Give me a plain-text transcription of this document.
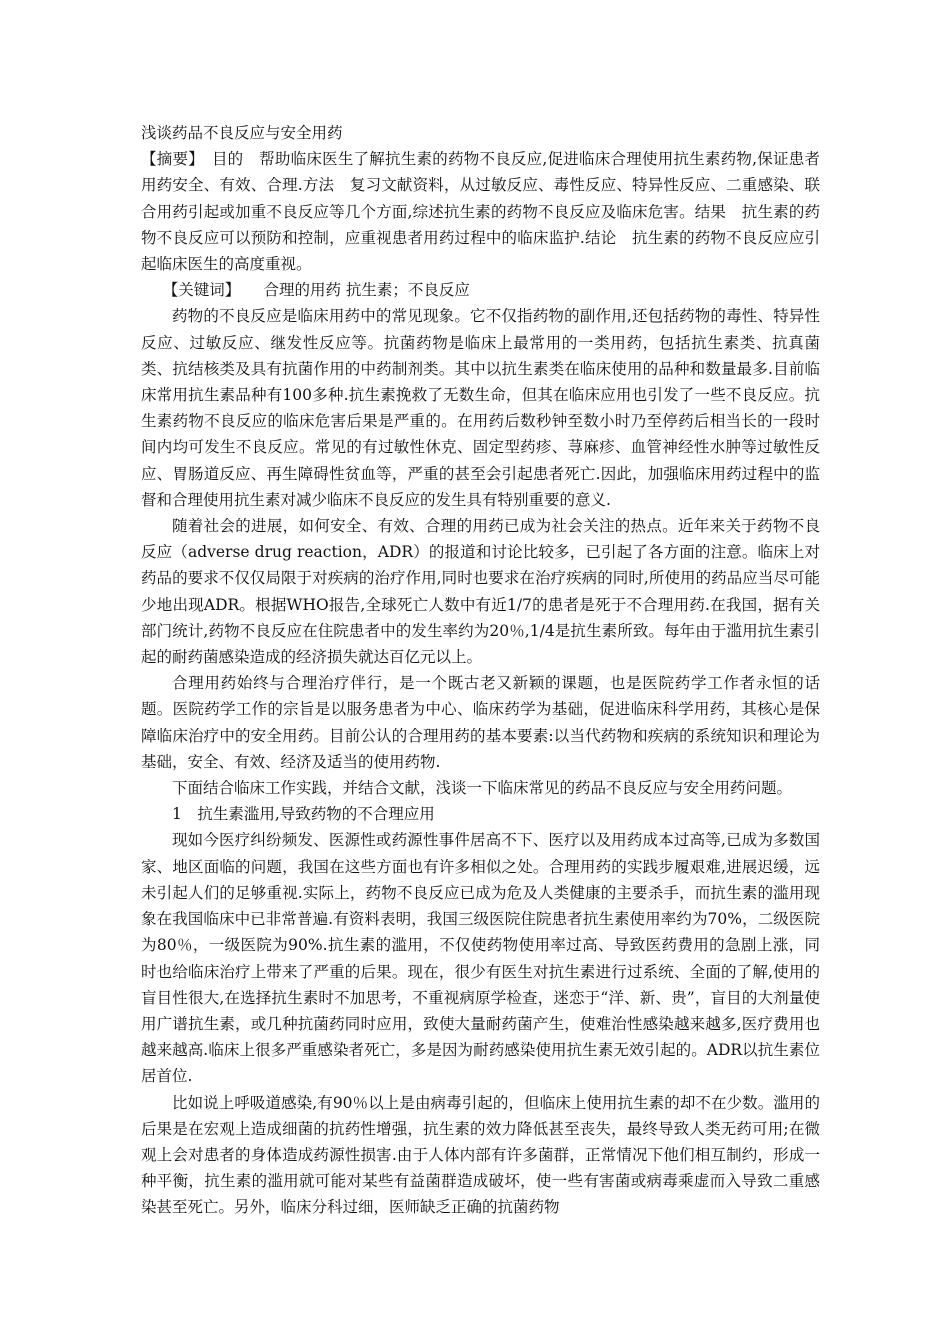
浅谈药品不良反应与安全用药

【摘要】　目的　帮助临床医生了解抗生素的药物不良反应,促进临床合理使用抗生素药物,保证患者用药安全、有效、合理.方法　复习文献资料，从过敏反应、毒性反应、特异性反应、二重感染、联合用药引起或加重不良反应等几个方面,综述抗生素的药物不良反应及临床危害。结果　抗生素的药物不良反应可以预防和控制，应重视患者用药过程中的临床监护.结论　抗生素的药物不良反应应引起临床医生的高度重视。

【关键词】　　合理的用药 抗生素；不良反应

药物的不良反应是临床用药中的常见现象。它不仅指药物的副作用,还包括药物的毒性、特异性反应、过敏反应、继发性反应等。抗菌药物是临床上最常用的一类用药，包括抗生素类、抗真菌类、抗结核类及具有抗菌作用的中药制剂类。其中以抗生素类在临床使用的品种和数量最多.目前临床常用抗生素品种有100多种.抗生素挽救了无数生命，但其在临床应用也引发了一些不良反应。抗生素药物不良反应的临床危害后果是严重的。在用药后数秒钟至数小时乃至停药后相当长的一段时间内均可发生不良反应。常见的有过敏性休克、固定型药疹、荨麻疹、血管神经性水肿等过敏性反应、胃肠道反应、再生障碍性贫血等，严重的甚至会引起患者死亡.因此，加强临床用药过程中的监督和合理使用抗生素对减少临床不良反应的发生具有特别重要的意义.

随着社会的进展，如何安全、有效、合理的用药已成为社会关注的热点。近年来关于药物不良反应（adverse drug reaction，ADR）的报道和讨论比较多，已引起了各方面的注意。临床上对药品的要求不仅仅局限于对疾病的治疗作用,同时也要求在治疗疾病的同时,所使用的药品应当尽可能少地出现ADR。根据WHO报告,全球死亡人数中有近1/7的患者是死于不合理用药.在我国，据有关部门统计,药物不良反应在住院患者中的发生率约为20％,1/4是抗生素所致。每年由于滥用抗生素引起的耐药菌感染造成的经济损失就达百亿元以上。

合理用药始终与合理治疗伴行，是一个既古老又新颖的课题，也是医院药学工作者永恒的话题。医院药学工作的宗旨是以服务患者为中心、临床药学为基础，促进临床科学用药，其核心是保障临床治疗中的安全用药。目前公认的合理用药的基本要素:以当代药物和疾病的系统知识和理论为基础，安全、有效、经济及适当的使用药物.

下面结合临床工作实践，并结合文献，浅谈一下临床常见的药品不良反应与安全用药问题。

1　抗生素滥用,导致药物的不合理应用

现如今医疗纠纷频发、医源性或药源性事件居高不下、医疗以及用药成本过高等,已成为多数国家、地区面临的问题，我国在这些方面也有许多相似之处。合理用药的实践步履艰难,进展迟缓，远未引起人们的足够重视.实际上，药物不良反应已成为危及人类健康的主要杀手，而抗生素的滥用现象在我国临床中已非常普遍.有资料表明，我国三级医院住院患者抗生素使用率约为70%，二级医院为80％，一级医院为90%.抗生素的滥用，不仅使药物使用率过高、导致医药费用的急剧上涨，同时也给临床治疗上带来了严重的后果。现在，很少有医生对抗生素进行过系统、全面的了解,使用的盲目性很大,在选择抗生素时不加思考，不重视病原学检查，迷恋于“洋、新、贵”，盲目的大剂量使用广谱抗生素，或几种抗菌药同时应用，致使大量耐药菌产生，使难治性感染越来越多,医疗费用也越来越高.临床上很多严重感染者死亡，多是因为耐药感染使用抗生素无效引起的。ADR以抗生素位居首位.

比如说上呼吸道感染,有90％以上是由病毒引起的，但临床上使用抗生素的却不在少数。滥用的后果是在宏观上造成细菌的抗药性增强，抗生素的效力降低甚至丧失，最终导致人类无药可用;在微观上会对患者的身体造成药源性损害.由于人体内部有许多菌群，正常情况下他们相互制约，形成一种平衡，抗生素的滥用就可能对某些有益菌群造成破坏，使一些有害菌或病毒乘虚而入导致二重感染甚至死亡。另外，临床分科过细，医师缺乏正确的抗菌药物
